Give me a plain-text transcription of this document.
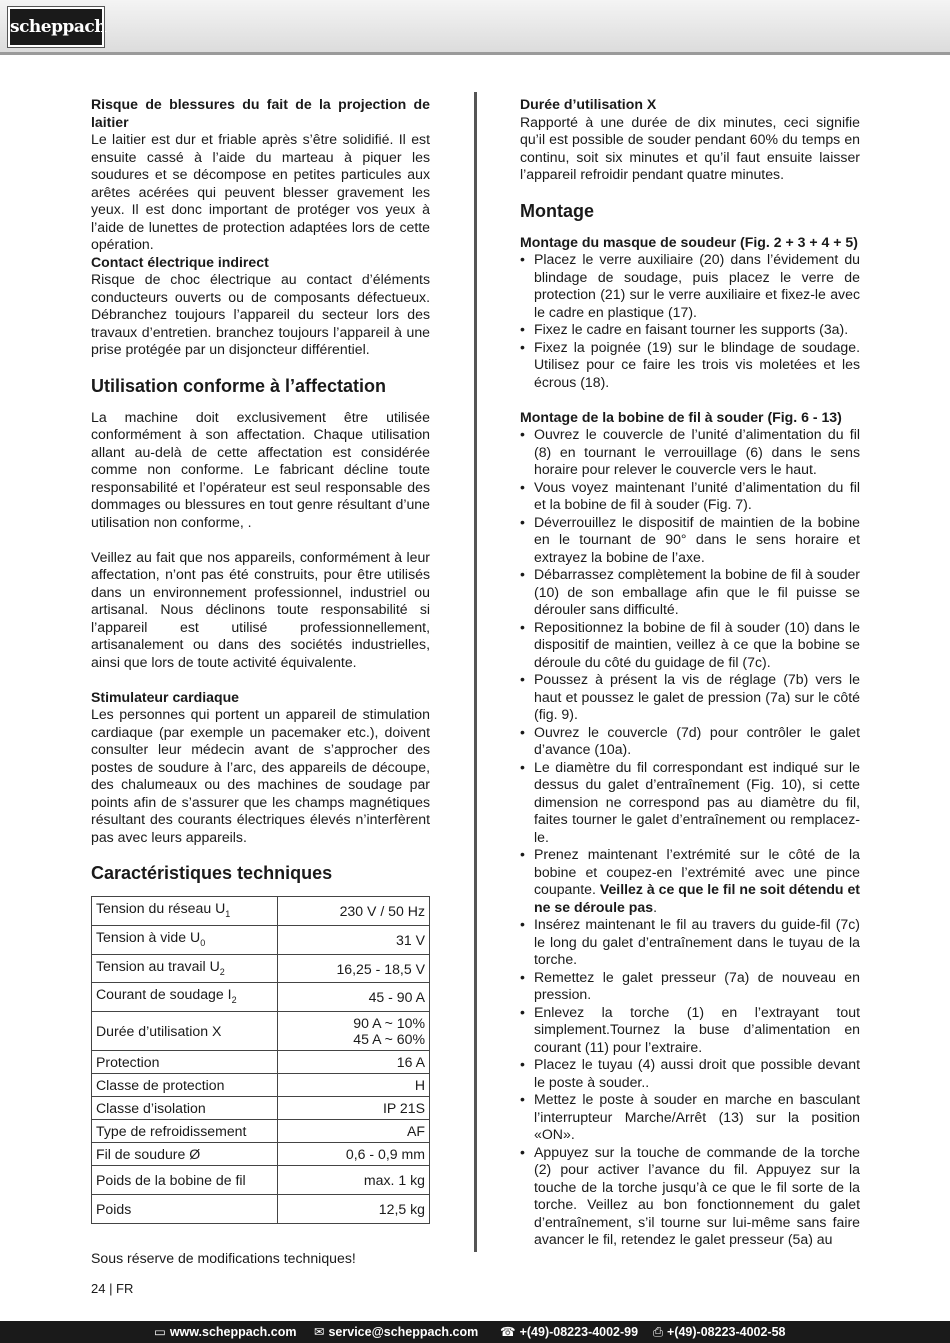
scheppach

Risque de blessures du fait de la projection de laitier

Le laitier est dur et friable après s’être solidifié. Il est ensuite cassé à l’aide du marteau à piquer les soudures et se décompose en petites particules aux arêtes acérées qui peuvent blesser gravement les yeux. Il est donc important de protéger vos yeux à l’aide de lunettes de protection adaptées lors de cette opération.

Contact électrique indirect

Risque de choc électrique au contact d’éléments conducteurs ouverts ou de composants défectueux. Débranchez toujours l’appareil du secteur lors des travaux d’entretien. branchez toujours l’appareil à une prise protégée par un disjoncteur différentiel.

Utilisation conforme à l’affectation

La machine doit exclusivement être utilisée conformément à son affectation. Chaque utilisation allant au-delà de cette affectation est considérée comme non conforme. Le fabricant décline toute responsabilité et l’opérateur est seul responsable des dommages ou blessures en tout genre résultant d’une utilisation non conforme, .

Veillez au fait que nos appareils, conformément à leur affectation, n’ont pas été construits, pour être utilisés dans un environnement professionnel, industriel ou artisanal. Nous déclinons toute responsabilité si l’appareil est utilisé professionnellement, artisanalement ou dans des sociétés industrielles, ainsi que lors de toute activité équivalente.

Stimulateur cardiaque

Les personnes qui portent un appareil de stimulation cardiaque (par exemple un pacemaker etc.), doivent consulter leur médecin avant de s’approcher des postes de soudure à l’arc, des appareils de découpe, des chalumeaux ou des machines de soudage par points afin de s’assurer que les champs magnétiques résultant des courants électriques élevés n’interfèrent pas avec leurs appareils.

Caractéristiques techniques
Tension du réseau $U_1$	230 V / 50 Hz

Tension à vide $U_0$	31 V

Tension au travail $U_2$	16,25 - 18,5 V

Courant de soudage $I_2$	45 - 90 A

Durée d’utilisation X	90 A ~ 10%
45 A ~ 60%

Protection	16 A

Classe de protection	H

Classe d’isolation	IP 21S

Type de refroidissement	AF

Fil de soudure Ø	0,6 - 0,9 mm

Poids de la bobine de fil	max. 1 kg

Poids	12,5 kg

Sous réserve de modifications techniques!

Durée d’utilisation X

Rapporté à une durée de dix minutes, ceci signifie qu’il est possible de souder pendant 60% du temps en continu, soit six minutes et qu’il faut ensuite laisser l’appareil refroidir pendant quatre minutes.

Montage

Montage du masque de soudeur (Fig. 2 + 3 + 4 + 5)

• Placez le verre auxiliaire (20) dans l’évidement du blindage de soudage, puis placez le verre de protection (21) sur le verre auxiliaire et fixez-le avec le cadre en plastique (17).
• Fixez le cadre en faisant tourner les supports (3a).
• Fixez la poignée (19) sur le blindage de soudage. Utilisez pour ce faire les trois vis moletées et les écrous (18).

Montage de la bobine de fil à souder (Fig. 6 - 13)

• Ouvrez le couvercle de l’unité d’alimentation du fil (8) en tournant le verrouillage (6) dans le sens horaire pour relever le couvercle vers le haut.
• Vous voyez maintenant l’unité d’alimentation du fil et la bobine de fil à souder (Fig. 7).
• Déverrouillez le dispositif de maintien de la bobine en le tournant de 90° dans le sens horaire et extrayez la bobine de l’axe.
• Débarrassez complètement la bobine de fil à souder (10) de son emballage afin que le fil puisse se dérouler sans difficulté.
• Repositionnez la bobine de fil à souder (10) dans le dispositif de maintien, veillez à ce que la bobine se déroule du côté du guidage de fil (7c).
• Poussez à présent la vis de réglage (7b) vers le haut et poussez le galet de pression (7a) sur le côté (fig. 9).
• Ouvrez le couvercle (7d) pour contrôler le galet d’avance (10a).
• Le diamètre du fil correspondant est indiqué sur le dessus du galet d’entraînement (Fig. 10), si cette dimension ne correspond pas au diamètre du fil, faites tourner le galet d’entraînement ou remplacez-le.
• Prenez maintenant l’extrémité sur le côté de la bobine et coupez-en l’extrémité avec une pince coupante. Veillez à ce que le fil ne soit détendu et ne se déroule pas.
• Insérez maintenant le fil au travers du guide-fil (7c) le long du galet d’entraînement dans le tuyau de la torche.
• Remettez le galet presseur (7a) de nouveau en pression.
• Enlevez la torche (1) en l’extrayant tout simplement.Tournez la buse d’alimentation en courant (11) pour l’extraire.
• Placez le tuyau (4) aussi droit que possible devant le poste à souder..
• Mettez le poste à souder en marche en basculant l’interrupteur Marche/Arrêt (13) sur la position «ON».
• Appuyez sur la touche de commande de la torche (2) pour activer l’avance du fil. Appuyez sur la touche de la torche jusqu’à ce que le fil sorte de la torche. Veillez au bon fonctionnement du galet d’entraînement, s’il tourne sur lui-même sans faire avancer le fil, retendez le galet presseur (5a) au
24 | FR
▭ www.scheppach.com ✉ service@scheppach.com ☎ +(49)-08223-4002-99 ⎙ +(49)-08223-4002-58
